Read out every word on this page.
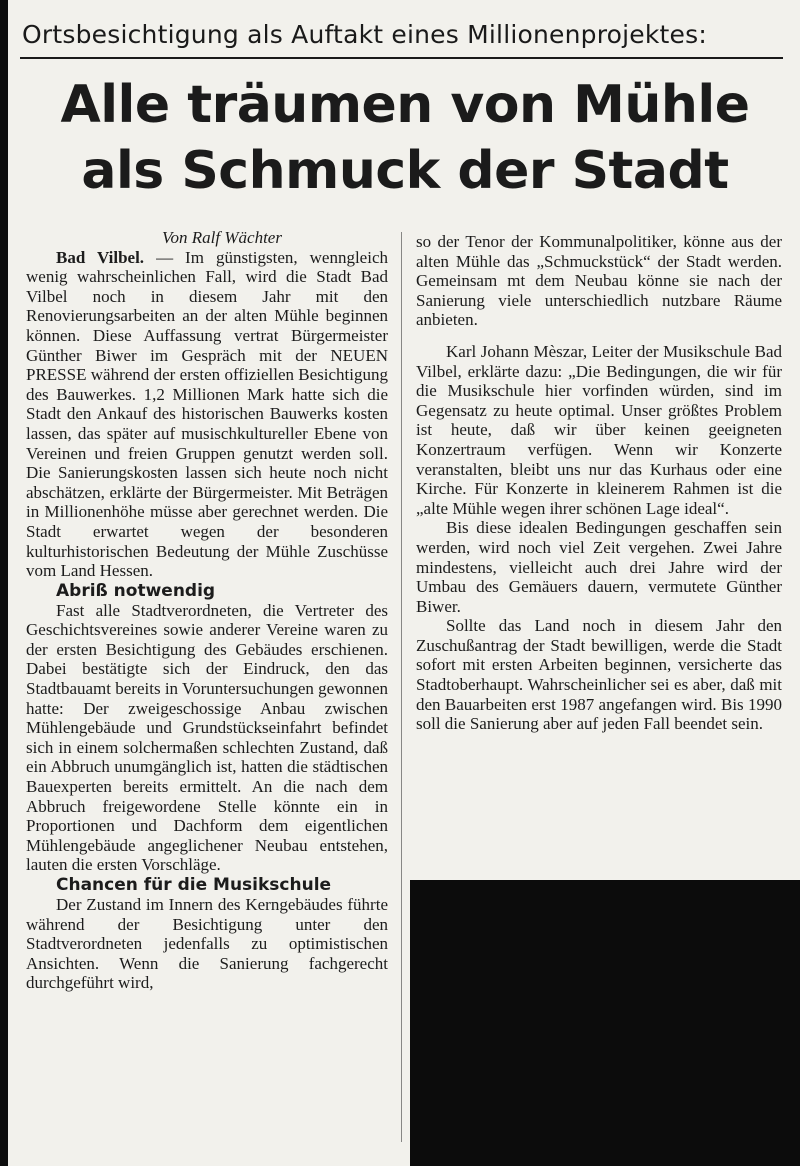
Ortsbesichtigung als Auftakt eines Millionenprojektes:
Alle träumen von Mühle
als Schmuck der Stadt

Von Ralf Wächter

Bad Vilbel. — Im günstigsten, wenngleich wenig wahrscheinlichen Fall, wird die Stadt Bad Vilbel noch in diesem Jahr mit den Renovierungsarbeiten an der alten Mühle beginnen können. Diese Auffassung vertrat Bürgermeister Günther Biwer im Gespräch mit der NEUEN PRESSE während der ersten offiziellen Besichtigung des Bauwerkes. 1,2 Millionen Mark hatte sich die Stadt den Ankauf des historischen Bauwerks kosten lassen, das später auf musischkultureller Ebene von Vereinen und freien Gruppen genutzt werden soll. Die Sanierungskosten lassen sich heute noch nicht abschätzen, erklärte der Bürgermeister. Mit Beträgen in Millionenhöhe müsse aber gerechnet werden. Die Stadt erwartet wegen der besonderen kulturhistorischen Bedeutung der Mühle Zuschüsse vom Land Hessen.

Abriß notwendig

Fast alle Stadtverordneten, die Vertreter des Geschichtsvereines sowie anderer Vereine waren zu der ersten Besichtigung des Gebäudes erschienen. Dabei bestätigte sich der Eindruck, den das Stadtbauamt bereits in Voruntersuchungen gewonnen hatte: Der zweigeschossige Anbau zwischen Mühlengebäude und Grundstückseinfahrt befindet sich in einem solchermaßen schlechten Zustand, daß ein Abbruch unumgänglich ist, hatten die städtischen Bauexperten bereits ermittelt. An die nach dem Abbruch freigewordene Stelle könnte ein in Proportionen und Dachform dem eigentlichen Mühlengebäude angeglichener Neubau entstehen, lauten die ersten Vorschläge.

Chancen für die Musikschule

Der Zustand im Innern des Kerngebäudes führte während der Besichtigung unter den Stadtverordneten jedenfalls zu optimistischen Ansichten. Wenn die Sanierung fachgerecht durchgeführt wird,

so der Tenor der Kommunalpolitiker, könne aus der alten Mühle das „Schmuckstück“ der Stadt werden. Gemeinsam mt dem Neubau könne sie nach der Sanierung viele unterschiedlich nutzbare Räume anbieten.

Karl Johann Mèszar, Leiter der Musikschule Bad Vilbel, erklärte dazu: „Die Bedingungen, die wir für die Musikschule hier vorfinden würden, sind im Gegensatz zu heute optimal. Unser größtes Problem ist heute, daß wir über keinen geeigneten Konzertraum verfügen. Wenn wir Konzerte veranstalten, bleibt uns nur das Kurhaus oder eine Kirche. Für Konzerte in kleinerem Rahmen ist die „alte Mühle wegen ihrer schönen Lage ideal“.

Bis diese idealen Bedingungen geschaffen sein werden, wird noch viel Zeit vergehen. Zwei Jahre mindestens, vielleicht auch drei Jahre wird der Umbau des Gemäuers dauern, vermutete Günther Biwer.

Sollte das Land noch in diesem Jahr den Zuschußantrag der Stadt bewilligen, werde die Stadt sofort mit ersten Arbeiten beginnen, versicherte das Stadtoberhaupt. Wahrscheinlicher sei es aber, daß mit den Bauarbeiten erst 1987 angefangen wird. Bis 1990 soll die Sanierung aber auf jeden Fall beendet sein.
